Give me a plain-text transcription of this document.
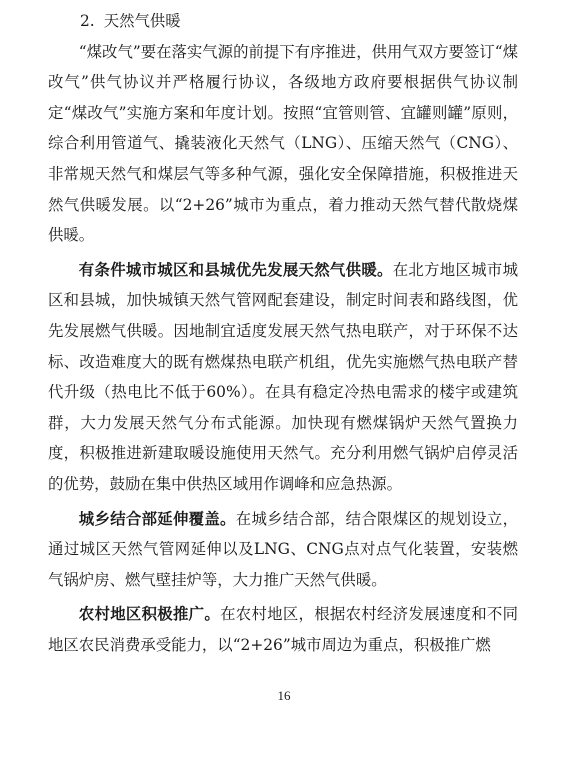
2. 天然气供暖

“煤改气”要在落实气源的前提下有序推进，供用气双方要签订“煤改气”供气协议并严格履行协议，各级地方政府要根据供气协议制定“煤改气”实施方案和年度计划。按照“宜管则管、宜罐则罐”原则，综合利用管道气、撬装液化天然气（LNG）、压缩天然气（CNG）、非常规天然气和煤层气等多种气源，强化安全保障措施，积极推进天然气供暖发展。以“2+26”城市为重点，着力推动天然气替代散烧煤供暖。

有条件城市城区和县城优先发展天然气供暖。在北方地区城市城区和县城，加快城镇天然气管网配套建设，制定时间表和路线图，优先发展燃气供暖。因地制宜适度发展天然气热电联产，对于环保不达标、改造难度大的既有燃煤热电联产机组，优先实施燃气热电联产替代升级（热电比不低于60%）。在具有稳定冷热电需求的楼宇或建筑群，大力发展天然气分布式能源。加快现有燃煤锅炉天然气置换力度，积极推进新建取暖设施使用天然气。充分利用燃气锅炉启停灵活的优势，鼓励在集中供热区域用作调峰和应急热源。

城乡结合部延伸覆盖。在城乡结合部，结合限煤区的规划设立，通过城区天然气管网延伸以及LNG、CNG点对点气化装置，安装燃气锅炉房、燃气壁挂炉等，大力推广天然气供暖。

农村地区积极推广。在农村地区，根据农村经济发展速度和不同地区农民消费承受能力，以“2+26”城市周边为重点，积极推广燃

16
